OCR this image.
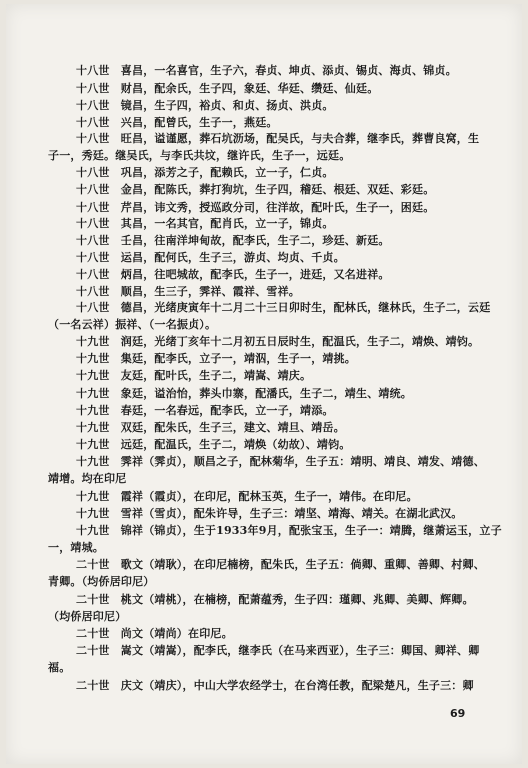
十八世　喜昌，一名喜官，生子六，春贞、坤贞、添贞、锡贞、海贞、锦贞。
十八世　财昌，配余氏，生子四，象廷、华廷、缵廷、仙廷。
十八世　镜昌，生子四，裕贞、和贞、扬贞、洪贞。
十八世　兴昌，配曾氏，生子一，燕廷。
十八世　旺昌，谥谨愿，葬石坑沥场，配吴氏，与夫合葬，继李氏，葬曹良窝，生
子一，秀廷。继吴氏，与李氏共坟，继许氏，生子一，远廷。
十八世　巩昌，添芳之子，配赖氏，立一子，仁贞。
十八世　金昌，配陈氏，葬打狗坑，生子四，稽廷、根廷、双廷、彩廷。
十八世　芹昌，讳文秀，授巡政分司，往洋故，配叶氏，生子一，困廷。
十八世　其昌，一名其官，配肖氏，立一子，锦贞。
十八世　壬昌，往南洋坤甸故，配李氏，生子二，珍廷、新廷。
十八世　运昌，配何氏，生子三，游贞、均贞、千贞。
十八世　炳昌，往吧城故，配李氏，生子一，进廷，又名进祥。
十八世　顺昌，生三子，霁祥、霞祥、雪祥。
十八世　德昌，光绪庚寅年十二月二十三日卯时生，配林氏，继林氏，生子二，云廷
（一名云祥）振祥、（一名振贞）。
十九世　润廷，光绪丁亥年十二月初五日辰时生，配温氏，生子二，靖焕、靖钧。
十九世　集廷，配李氏，立子一，靖泅，生子一，靖挑。
十九世　友廷，配叶氏，生子二，靖嵩、靖庆。
十九世　象廷，谥治怡，葬头巾寨，配潘氏，生子二，靖生、靖统。
十九世　春廷，一名春远，配李氏，立一子，靖添。
十九世　双廷，配朱氏，生子三，建文、靖旦、靖岳。
十九世　远廷，配温氏，生子二，靖焕（幼故）、靖钧。
十九世　霁祥（霁贞），顺昌之子，配林菊华，生子五：靖明、靖良、靖发、靖德、
靖增。均在印尼
十九世　霞祥（霞贞），在印尼，配林玉英，生子一，靖伟。在印尼。
十九世　雪祥（雪贞），配朱许导，生子三：靖坚、靖海、靖关。在湖北武汉。
十九世　锦祥（锦贞），生于1933年9月，配张宝玉，生子一：靖腾，继萧运玉，立子
一，靖城。
二十世　歌文（靖耿），在印尼楠榜，配朱氏，生子五：倘卿、重卿、善卿、村卿、
青卿。（均侨居印尼）
二十世　桃文（靖桃），在楠榜，配萧蕴秀，生子四：瑾卿、兆卿、美卿、辉卿。
（均侨居印尼）
二十世　尚文（靖尚）在印尼。
二十世　嵩文（靖嵩），配李氏，继李氏（在马来西亚），生子三：卿国、卿祥、卿
福。
二十世　庆文（靖庆），中山大学农经学士，在台湾任教，配梁楚凡，生子三：卿
69
